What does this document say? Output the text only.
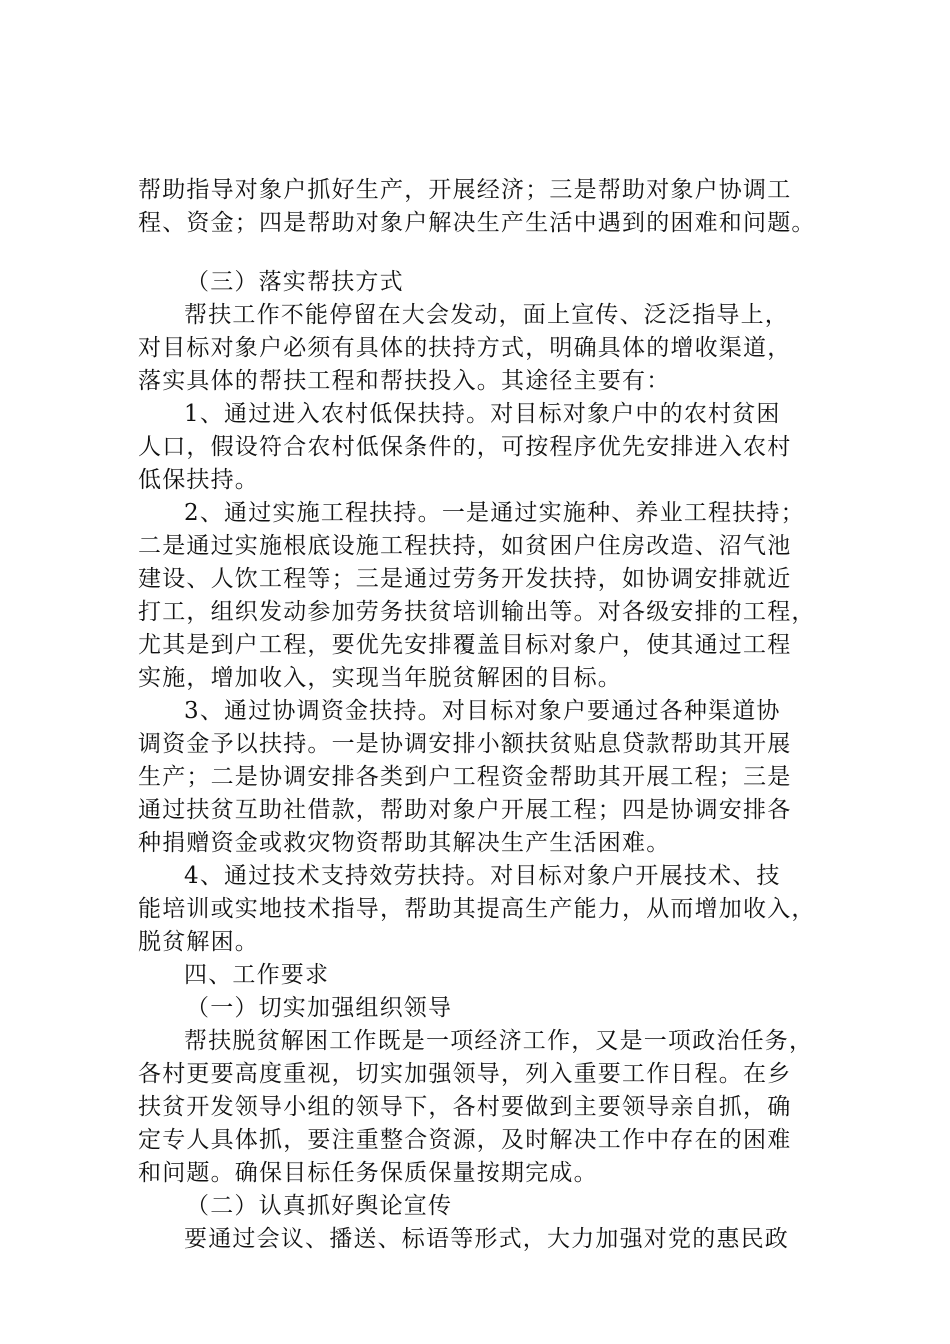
帮助指导对象户抓好生产，开展经济；三是帮助对象户协调工
程、资金；四是帮助对象户解决生产生活中遇到的困难和问题。
（三）落实帮扶方式
帮扶工作不能停留在大会发动，面上宣传、泛泛指导上，
对目标对象户必须有具体的扶持方式，明确具体的增收渠道，
落实具体的帮扶工程和帮扶投入。其途径主要有：
1、通过进入农村低保扶持。对目标对象户中的农村贫困
人口，假设符合农村低保条件的，可按程序优先安排进入农村
低保扶持。
2、通过实施工程扶持。一是通过实施种、养业工程扶持；
二是通过实施根底设施工程扶持，如贫困户住房改造、沼气池
建设、人饮工程等；三是通过劳务开发扶持，如协调安排就近
打工，组织发动参加劳务扶贫培训输出等。对各级安排的工程，
尤其是到户工程，要优先安排覆盖目标对象户，使其通过工程
实施，增加收入，实现当年脱贫解困的目标。
3、通过协调资金扶持。对目标对象户要通过各种渠道协
调资金予以扶持。一是协调安排小额扶贫贴息贷款帮助其开展
生产；二是协调安排各类到户工程资金帮助其开展工程；三是
通过扶贫互助社借款，帮助对象户开展工程；四是协调安排各
种捐赠资金或救灾物资帮助其解决生产生活困难。
4、通过技术支持效劳扶持。对目标对象户开展技术、技
能培训或实地技术指导，帮助其提高生产能力，从而增加收入，
脱贫解困。
四、工作要求
（一）切实加强组织领导
帮扶脱贫解困工作既是一项经济工作，又是一项政治任务，
各村更要高度重视，切实加强领导，列入重要工作日程。在乡
扶贫开发领导小组的领导下，各村要做到主要领导亲自抓，确
定专人具体抓，要注重整合资源，及时解决工作中存在的困难
和问题。确保目标任务保质保量按期完成。
（二）认真抓好舆论宣传
要通过会议、播送、标语等形式，大力加强对党的惠民政
